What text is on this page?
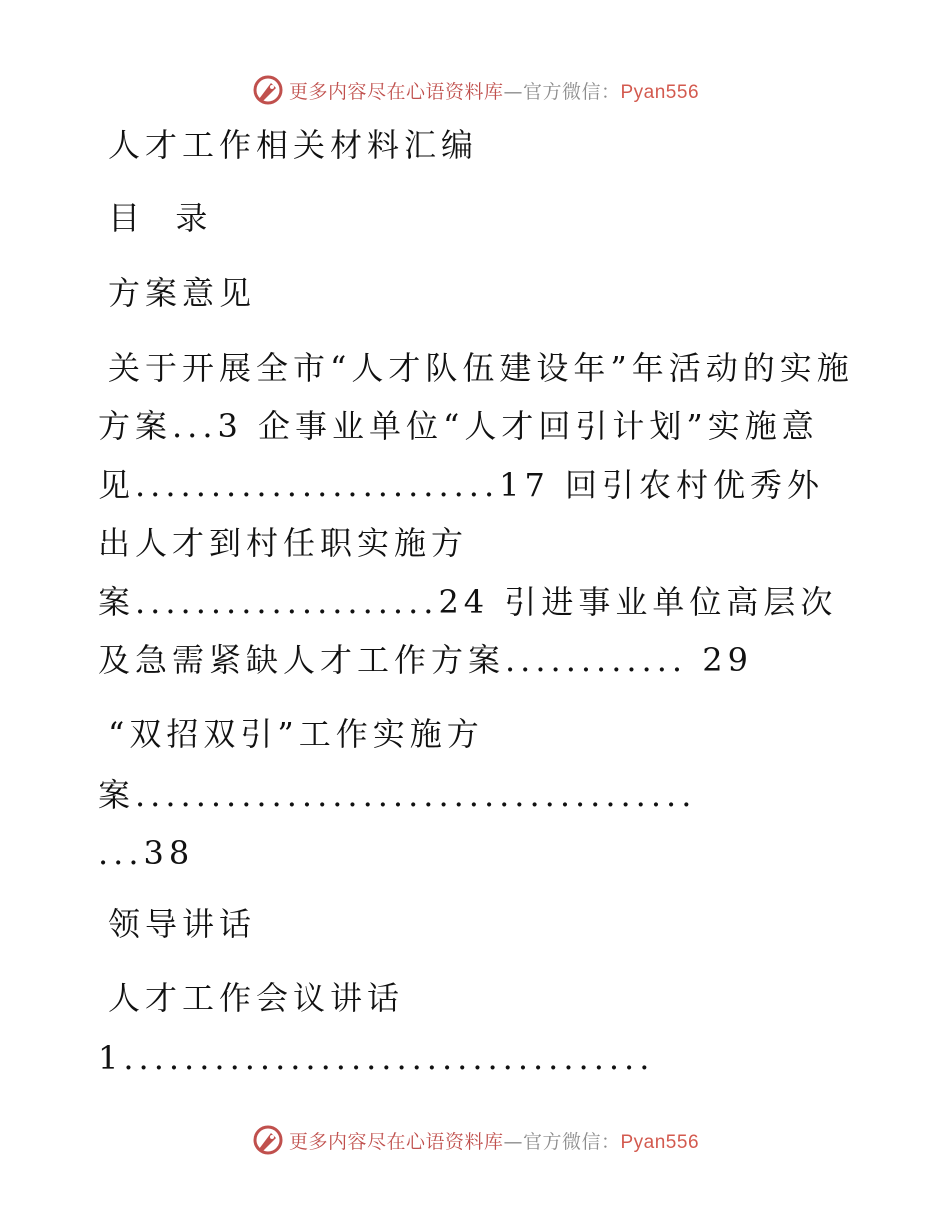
更多内容尽在心语资料库—官方微信：Pyan556
人才工作相关材料汇编
目  录
方案意见
关于开展全市“人才队伍建设年”年活动的实施
方案...3 企事业单位“人才回引计划”实施意
见........................17 回引农村优秀外
出人才到村任职实施方
案....................24 引进事业单位高层次
及急需紧缺人才工作方案............ 29
“双招双引”工作实施方
案.....................................
...38
领导讲话
人才工作会议讲话
1...................................
更多内容尽在心语资料库—官方微信：Pyan556
